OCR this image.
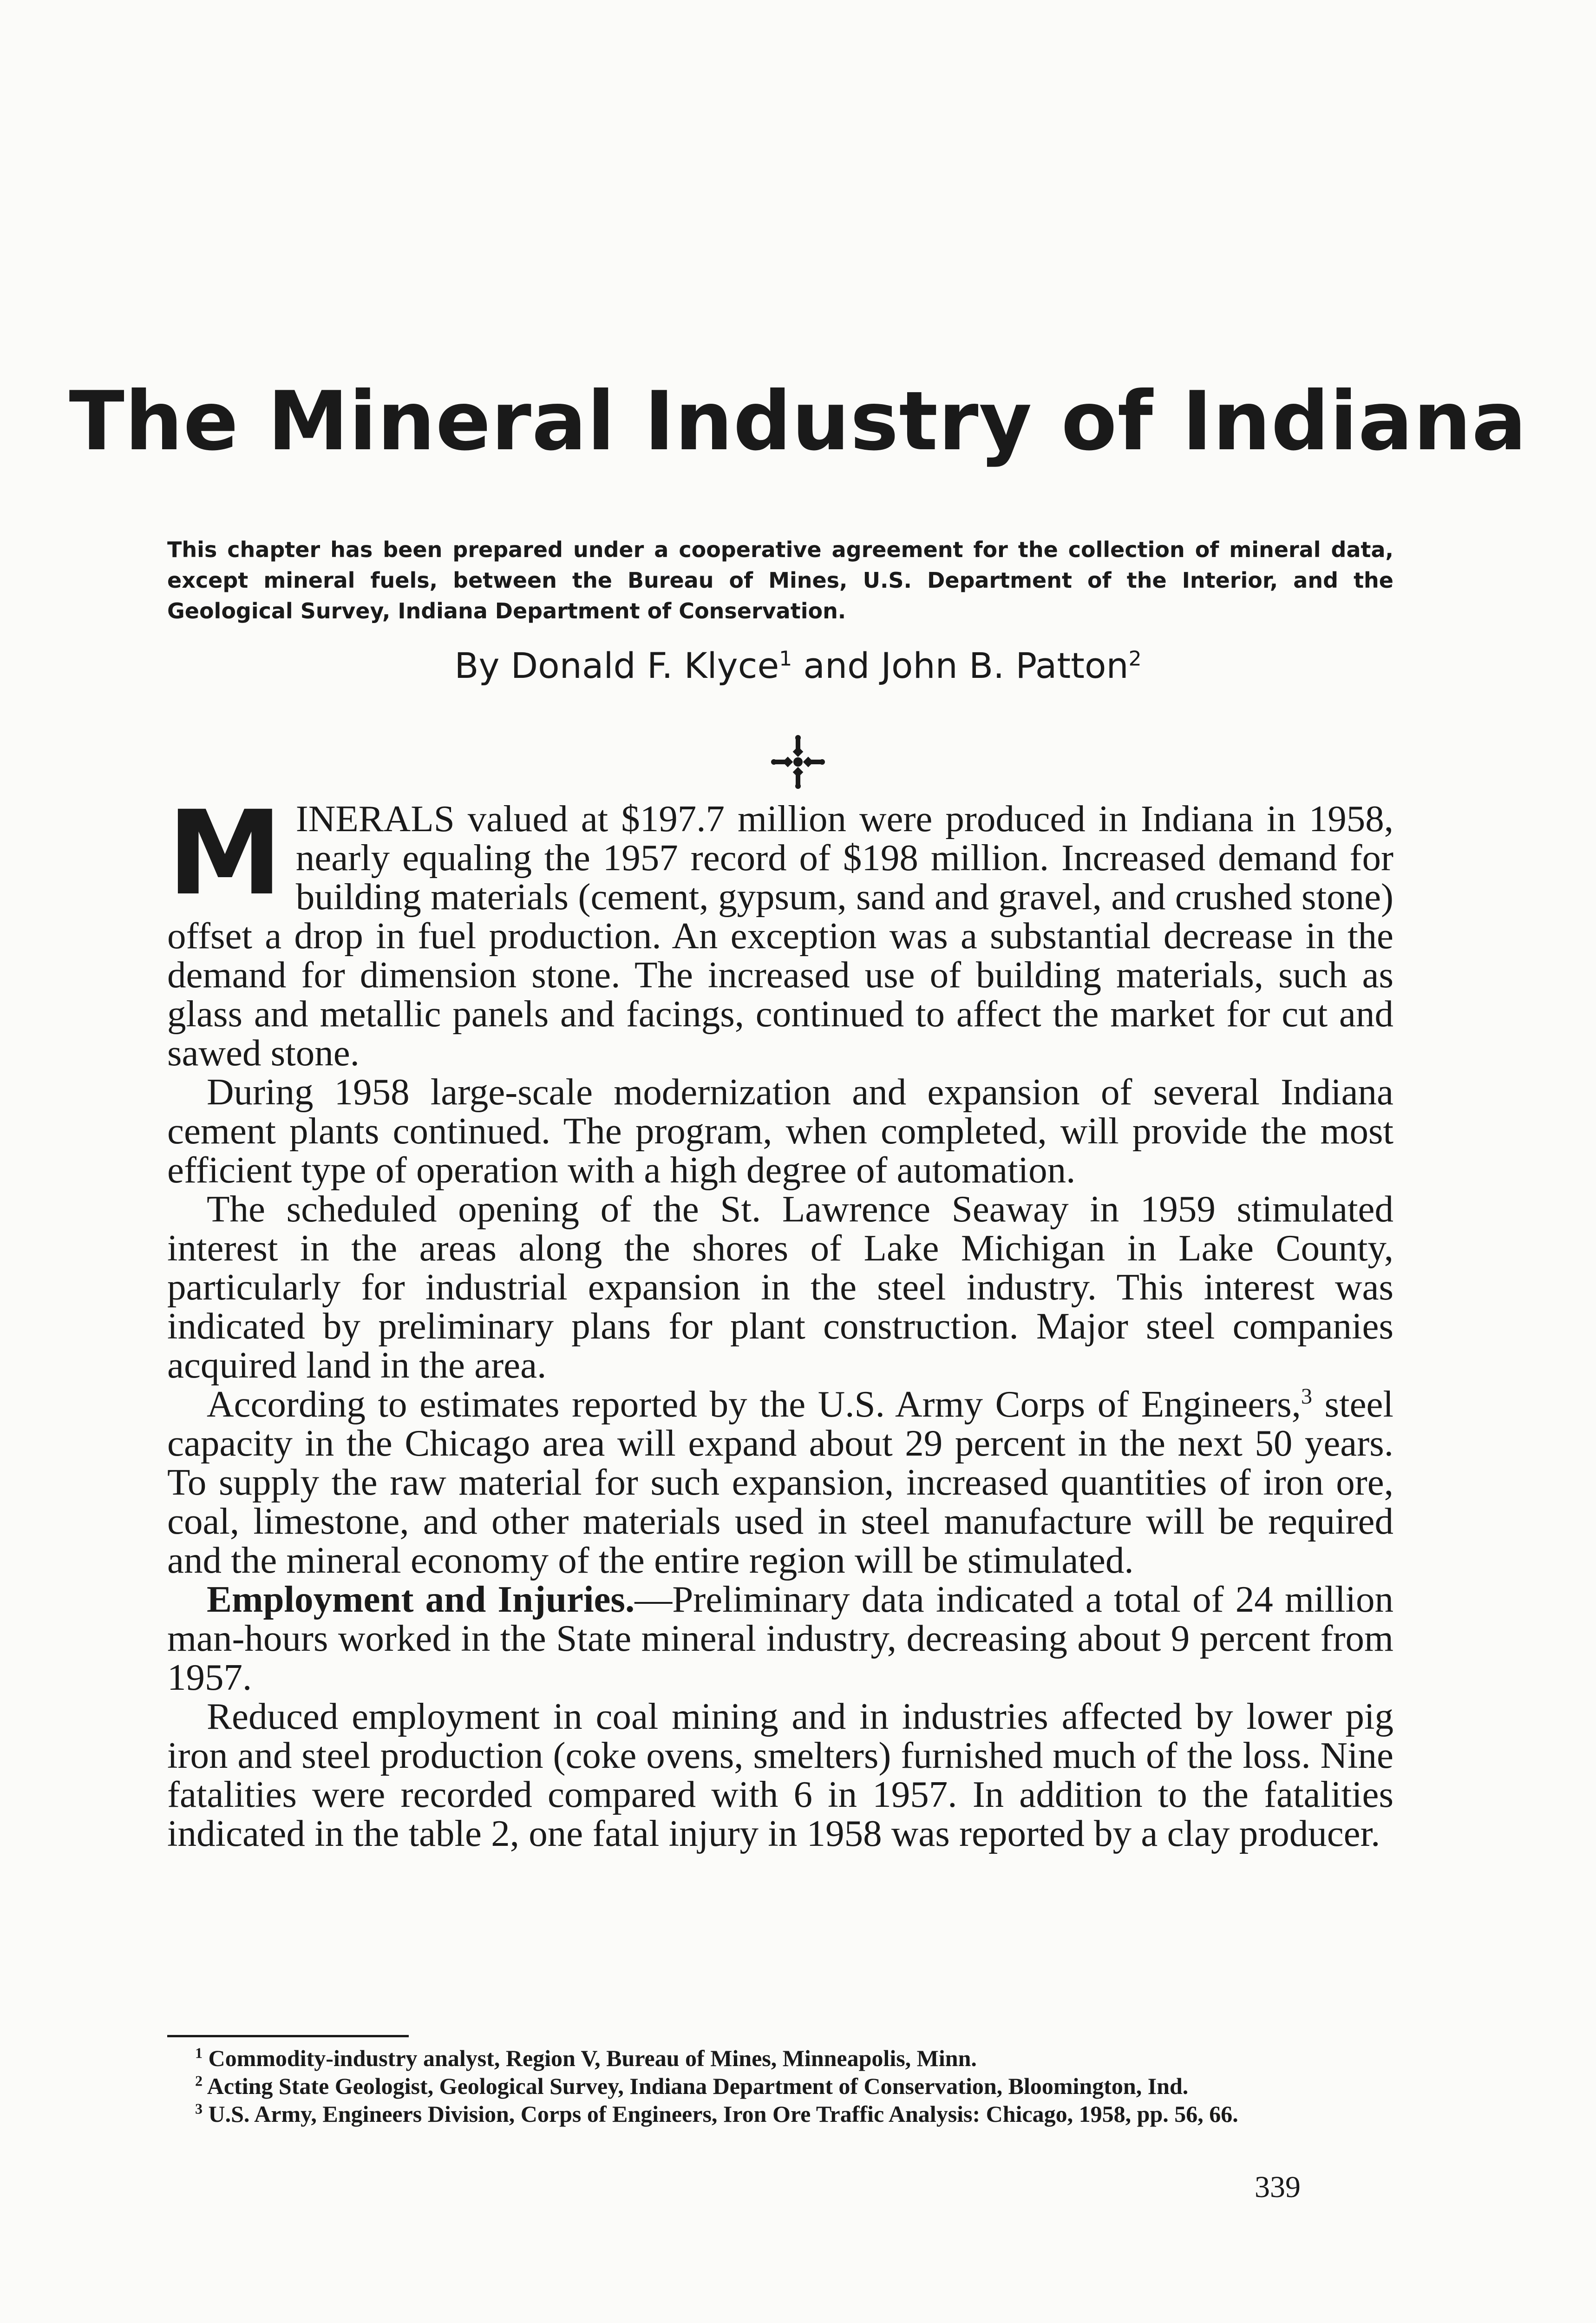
The Mineral Industry of Indiana

This chapter has been prepared under a cooperative agreement for the collection of mineral data, except mineral fuels, between the Bureau of Mines, U.S. Department of the Interior, and the Geological Survey, Indiana Department of Conservation.

By Donald F. Klyce$^1$ and John B. Patton$^2$

MINERALS valued at $197.7 million were produced in Indiana in 1958, nearly equaling the 1957 record of $198 million. Increased demand for building materials (cement, gypsum, sand and gravel, and crushed stone) offset a drop in fuel production. An exception was a substantial decrease in the demand for dimension stone. The increased use of building materials, such as glass and metallic panels and facings, continued to affect the market for cut and sawed stone.

During 1958 large-scale modernization and expansion of several Indiana cement plants continued. The program, when completed, will provide the most efficient type of operation with a high degree of automation.

The scheduled opening of the St. Lawrence Seaway in 1959 stimulated interest in the areas along the shores of Lake Michigan in Lake County, particularly for industrial expansion in the steel industry. This interest was indicated by preliminary plans for plant construction. Major steel companies acquired land in the area.

According to estimates reported by the U.S. Army Corps of Engineers,$^3$ steel capacity in the Chicago area will expand about 29 percent in the next 50 years. To supply the raw material for such expansion, increased quantities of iron ore, coal, limestone, and other materials used in steel manufacture will be required and the mineral economy of the entire region will be stimulated.

Employment and Injuries.—Preliminary data indicated a total of 24 million man-hours worked in the State mineral industry, decreasing about 9 percent from 1957.

Reduced employment in coal mining and in industries affected by lower pig iron and steel production (coke ovens, smelters) furnished much of the loss. Nine fatalities were recorded compared with 6 in 1957. In addition to the fatalities indicated in the table 2, one fatal injury in 1958 was reported by a clay producer.

$^1$ Commodity-industry analyst, Region V, Bureau of Mines, Minneapolis, Minn.

$^2$ Acting State Geologist, Geological Survey, Indiana Department of Conservation, Bloomington, Ind.

$^3$ U.S. Army, Engineers Division, Corps of Engineers, Iron Ore Traffic Analysis: Chicago, 1958, pp. 56, 66.

339
